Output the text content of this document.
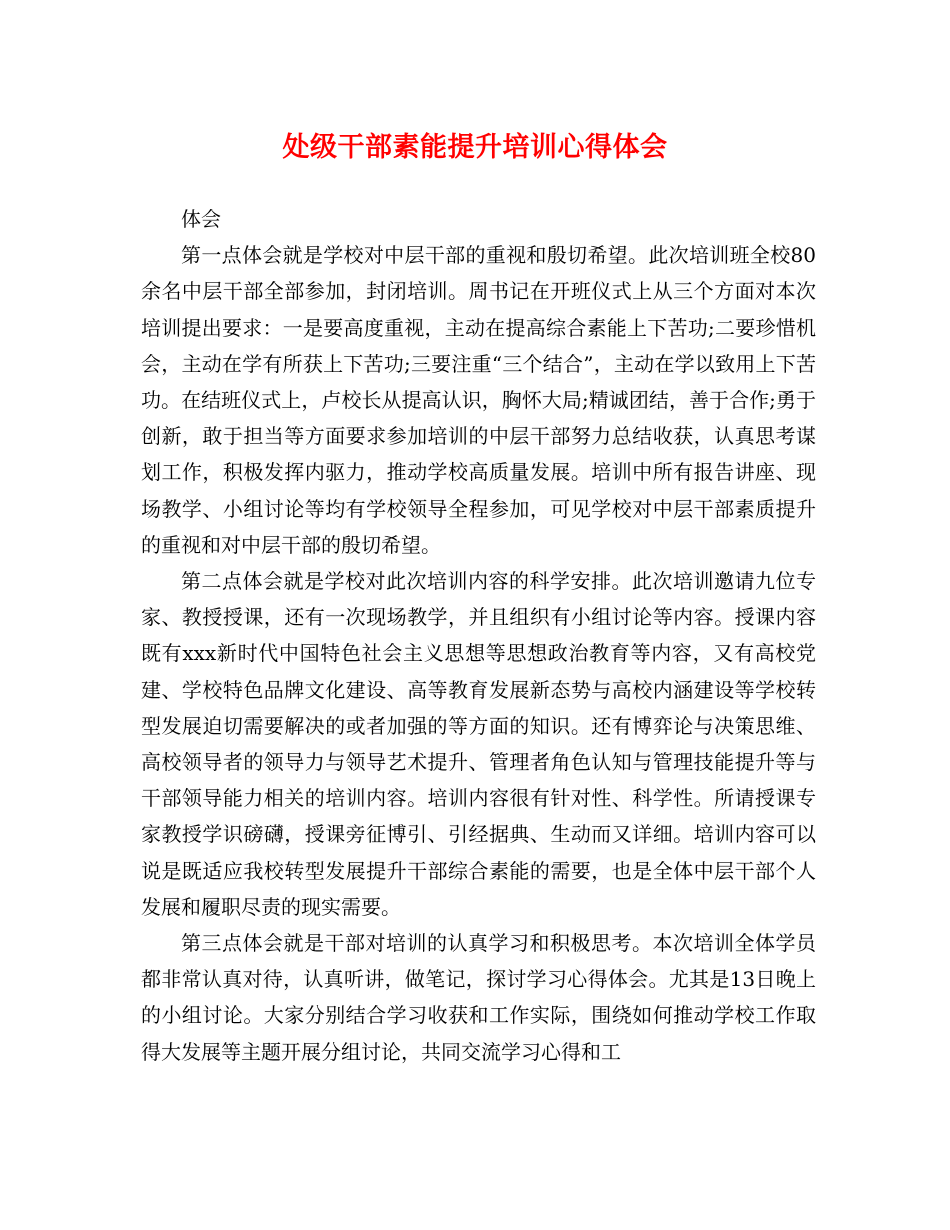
处级干部素能提升培训心得体会

体会

第一点体会就是学校对中层干部的重视和殷切希望。此次培训班全校80余名中层干部全部参加，封闭培训。周书记在开班仪式上从三个方面对本次培训提出要求：一是要高度重视，主动在提高综合素能上下苦功;二要珍惜机会，主动在学有所获上下苦功;三要注重“三个结合”，主动在学以致用上下苦功。在结班仪式上，卢校长从提高认识，胸怀大局;精诚团结，善于合作;勇于创新，敢于担当等方面要求参加培训的中层干部努力总结收获，认真思考谋划工作，积极发挥内驱力，推动学校高质量发展。培训中所有报告讲座、现场教学、小组讨论等均有学校领导全程参加，可见学校对中层干部素质提升的重视和对中层干部的殷切希望。

第二点体会就是学校对此次培训内容的科学安排。此次培训邀请九位专家、教授授课，还有一次现场教学，并且组织有小组讨论等内容。授课内容既有xxx新时代中国特色社会主义思想等思想政治教育等内容，又有高校党建、学校特色品牌文化建设、高等教育发展新态势与高校内涵建设等学校转型发展迫切需要解决的或者加强的等方面的知识。还有博弈论与决策思维、高校领导者的领导力与领导艺术提升、管理者角色认知与管理技能提升等与干部领导能力相关的培训内容。培训内容很有针对性、科学性。所请授课专家教授学识磅礴，授课旁征博引、引经据典、生动而又详细。培训内容可以说是既适应我校转型发展提升干部综合素能的需要，也是全体中层干部个人发展和履职尽责的现实需要。

第三点体会就是干部对培训的认真学习和积极思考。本次培训全体学员都非常认真对待，认真听讲，做笔记，探讨学习心得体会。尤其是13日晚上的小组讨论。大家分别结合学习收获和工作实际，围绕如何推动学校工作取得大发展等主题开展分组讨论，共同交流学习心得和工
